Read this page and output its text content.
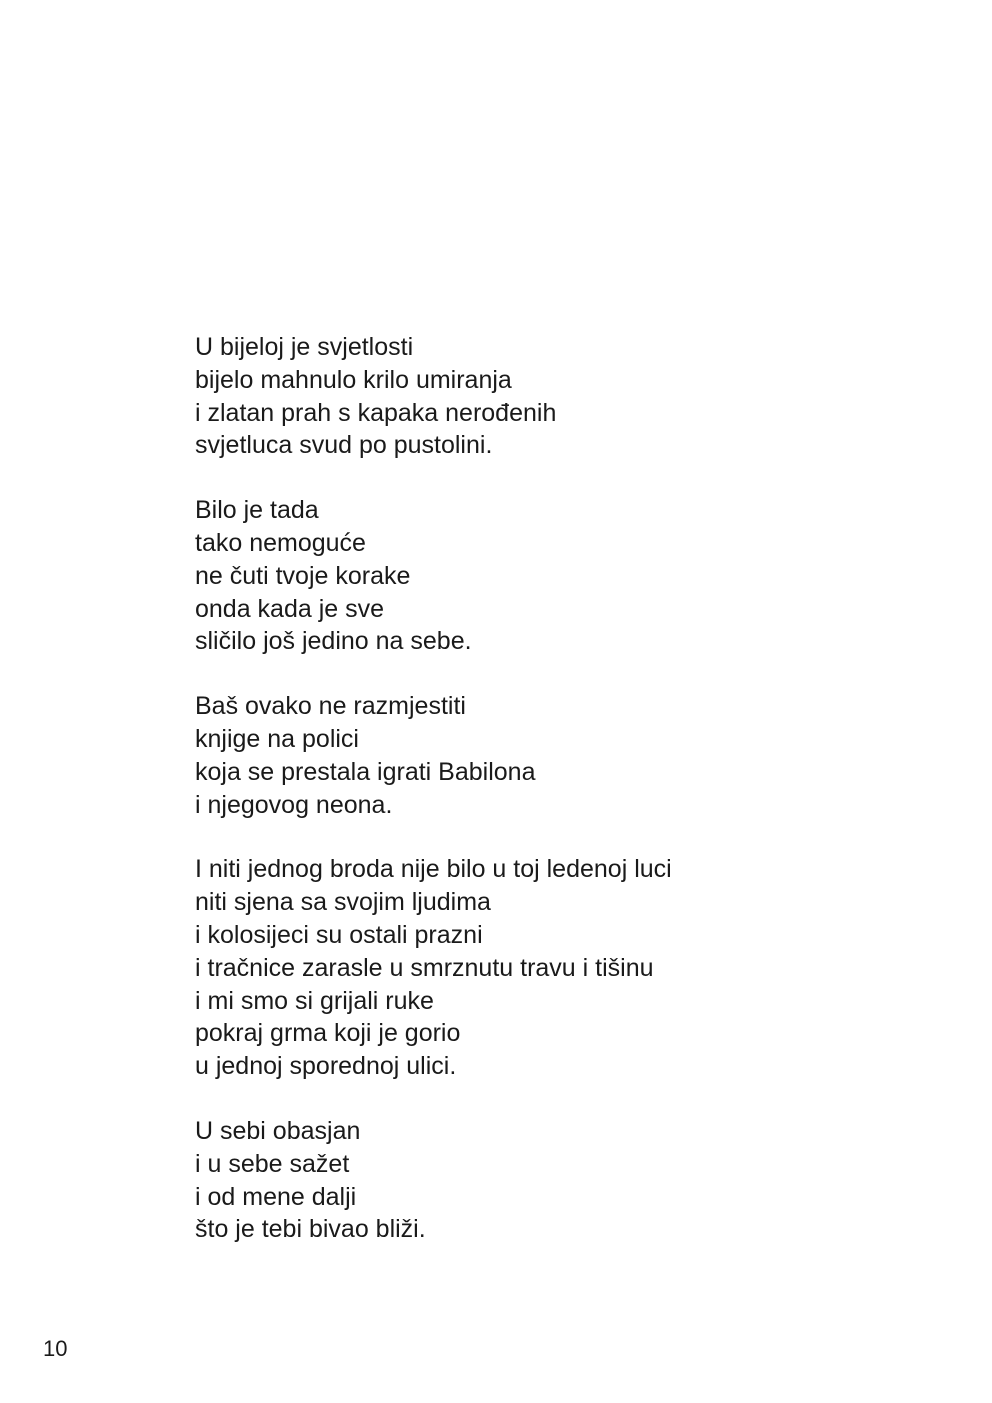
U bijeloj je svjetlosti
bijelo mahnulo krilo umiranja
i zlatan prah s kapaka nerođenih
svjetluca svud po pustolini.
Bilo je tada
tako nemoguće
ne čuti tvoje korake
onda kada je sve
sličilo još jedino na sebe.
Baš ovako ne razmjestiti
knjige na polici
koja se prestala igrati Babilona
i njegovog neona.
I niti jednog broda nije bilo u toj ledenoj luci
niti sjena sa svojim ljudima
i kolosijeci su ostali prazni
i tračnice zarasle u smrznutu travu i tišinu
i mi smo si grijali ruke
pokraj grma koji je gorio
u jednoj sporednoj ulici.
U sebi obasjan
i u sebe sažet
i od mene dalji
što je tebi bivao bliži.
10
